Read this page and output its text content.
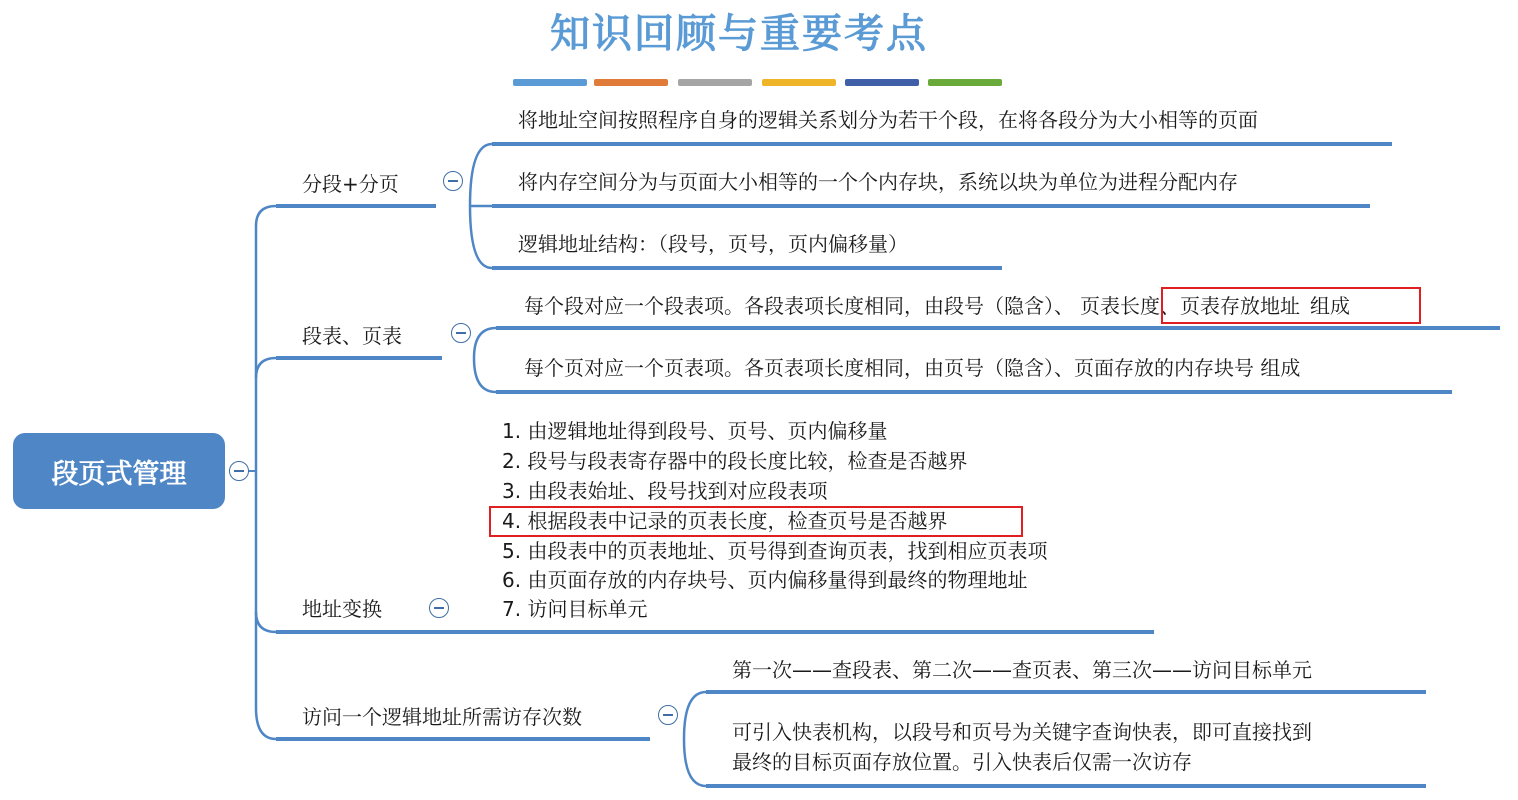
知识回顾与重要考点
段页式管理
分段+分页
将地址空间按照程序自身的逻辑关系划分为若干个段，在将各段分为大小相等的页面
将内存空间分为与页面大小相等的一个个内存块，系统以块为单位为进程分配内存
逻辑地址结构：（段号，页号，页内偏移量）
段表、页表
每个段对应一个段表项。各段表项长度相同，由段号（隐含）、 页表长度、页表存放地址 组成
每个页对应一个页表项。各页表项长度相同，由页号（隐含）、页面存放的内存块号 组成
1. 由逻辑地址得到段号、页号、页内偏移量
2. 段号与段表寄存器中的段长度比较，检查是否越界
3. 由段表始址、段号找到对应段表项
4. 根据段表中记录的页表长度，检查页号是否越界
5. 由段表中的页表地址、页号得到查询页表，找到相应页表项
6. 由页面存放的内存块号、页内偏移量得到最终的物理地址
7. 访问目标单元
地址变换
访问一个逻辑地址所需访存次数
第一次——查段表、第二次——查页表、第三次——访问目标单元
可引入快表机构，以段号和页号为关键字查询快表，即可直接找到
最终的目标页面存放位置。引入快表后仅需一次访存
